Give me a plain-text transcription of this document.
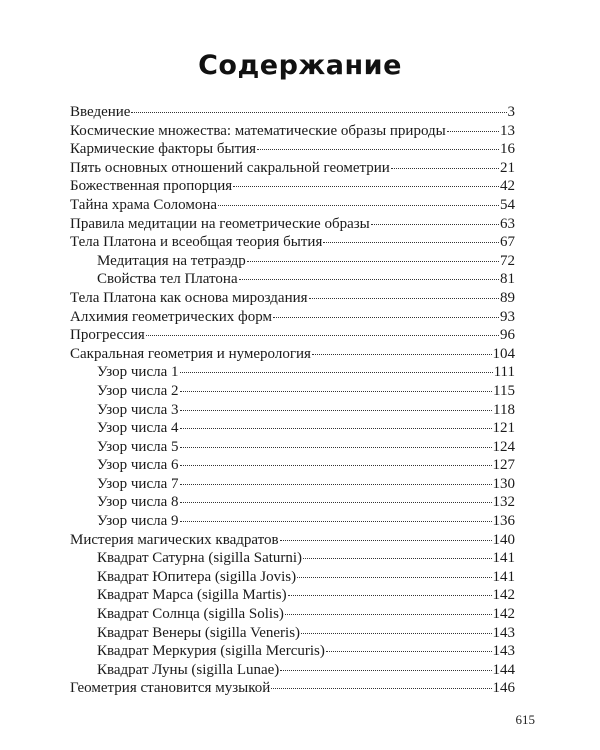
Содержание
Введение	3
Космические множества: математические образы природы	13
Кармические факторы бытия	16
Пять основных отношений сакральной геометрии	21
Божественная пропорция	42
Тайна храма Соломона	54
Правила медитации на геометрические образы	63
Тела Платона и всеобщая теория бытия	67
Медитация на тетраэдр	72
Свойства тел Платона	81
Тела Платона как основа мироздания	89
Алхимия геометрических форм	93
Прогрессия	96
Сакральная геометрия и нумерология	104
Узор числа 1	111
Узор числа 2	115
Узор числа 3	118
Узор числа 4	121
Узор числа 5	124
Узор числа 6	127
Узор числа 7	130
Узор числа 8	132
Узор числа 9	136
Мистерия магических квадратов	140
Квадрат Сатурна (sigilla Saturni)	141
Квадрат Юпитера (sigilla Jovis)	141
Квадрат Марса (sigilla Martis)	142
Квадрат Солнца (sigilla Solis)	142
Квадрат Венеры (sigilla Veneris)	143
Квадрат Меркурия (sigilla Mercuris)	143
Квадрат Луны (sigilla Lunae)	144
Геометрия становится музыкой	146
615
